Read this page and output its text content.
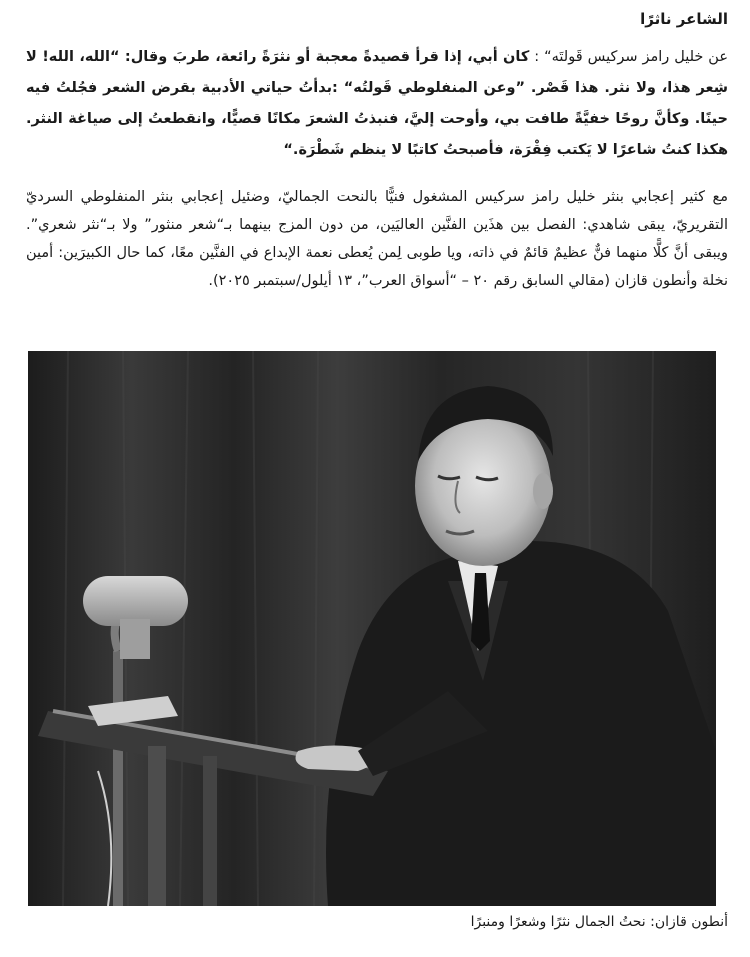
الشاعر ناثرًا

عن خليل رامز سركيس قَولتَه“ : كان أبي، إذا قرأ قصيدةً معجبة أو نثرَةً رائعة، طربَ وقال: “الله، الله! لا شِعر هذا، ولا نثر. هذا قَصْر. ”وعن المنفلوطي قَولتُه“ :بدأتُ حياتي الأدبية بقرض الشعر فجُلتُ فيه حينًا. وكأنَّ روحًا خفيَّةً طافت بي، وأوحت إليَّ، فنبذتُ الشعرَ مكانًا قصيًّا، وانقطعتُ إلى صياغة النثر. هكذا كنتُ شاعرًا لا يَكتب فِقْرَة، فأصبحتُ كاتبًا لا ينظم شَطْرَة.“

مع كثير إعجابي بنثر خليل رامز سركيس المشغول فنيًّا بالنحت الجماليّ، وضئيل إعجابي بنثر المنفلوطي السرديّ التقريريّ، يبقى شاهدي: الفصل بين هذَين الفنَّين العاليَين، من دون المزج بينهما بـ“شعر منثور” ولا بـ“نثر شعري”. ويبقى أنَّ كلًّا منهما فنٌّ عظيمٌ قائمٌ في ذاته، ويا طوبى لِمن يُعطى نعمة الإبداع في الفنَّين معًا، كما حال الكبيرَين: أمين نخلة وأنطون قازان (مقالي السابق رقم ٢٠ – “أسواق العرب”، ١٣ أيلول/سبتمبر ٢٠٢٥).

أنطون قازان: نحتُ الجمال نثرًا وشعرًا ومنبرًا
